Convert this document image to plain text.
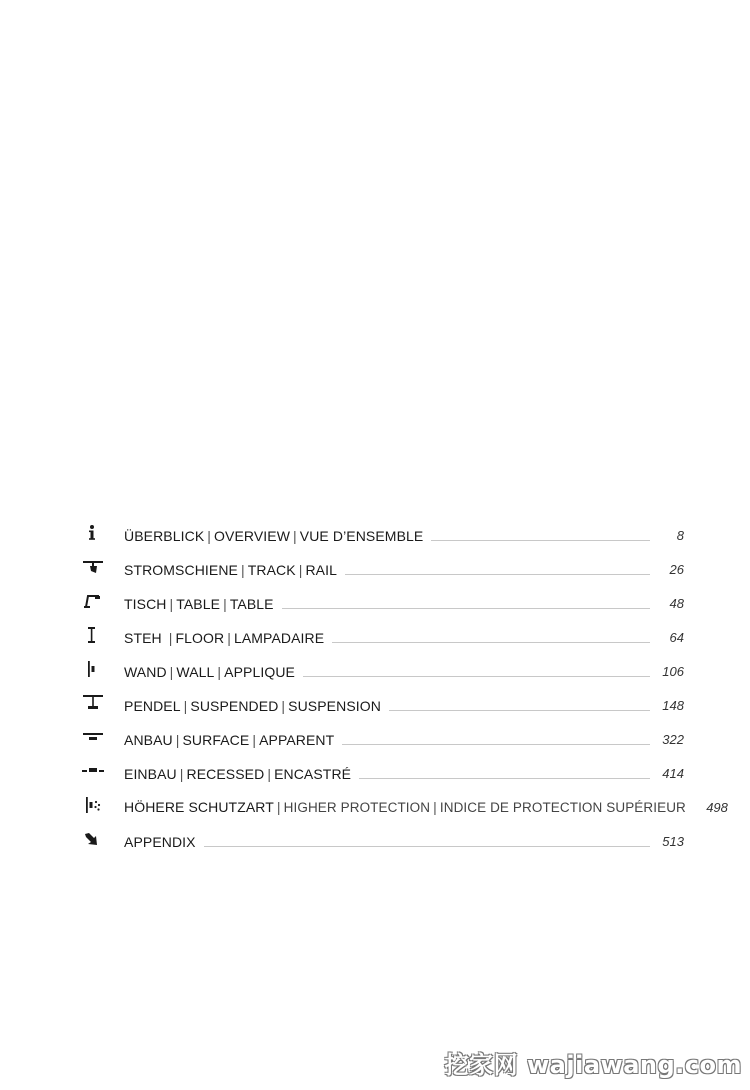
ÜBERBLICK | OVERVIEW | VUE D’ENSEMBLE	8
STROMSCHIENE | TRACK | RAIL	26
TISCH | TABLE | TABLE	48
STEH | FLOOR | LAMPADAIRE	64
WAND | WALL | APPLIQUE	106
PENDEL | SUSPENDED | SUSPENSION	148
ANBAU | SURFACE | APPARENT	322
EINBAU | RECESSED | ENCASTRÉ	414
HÖHERE SCHUTZART | HIGHER PROTECTION | INDICE DE PROTECTION SUPÉRIEUR 498
APPENDIX	513
挖家网 wajiawang.com
